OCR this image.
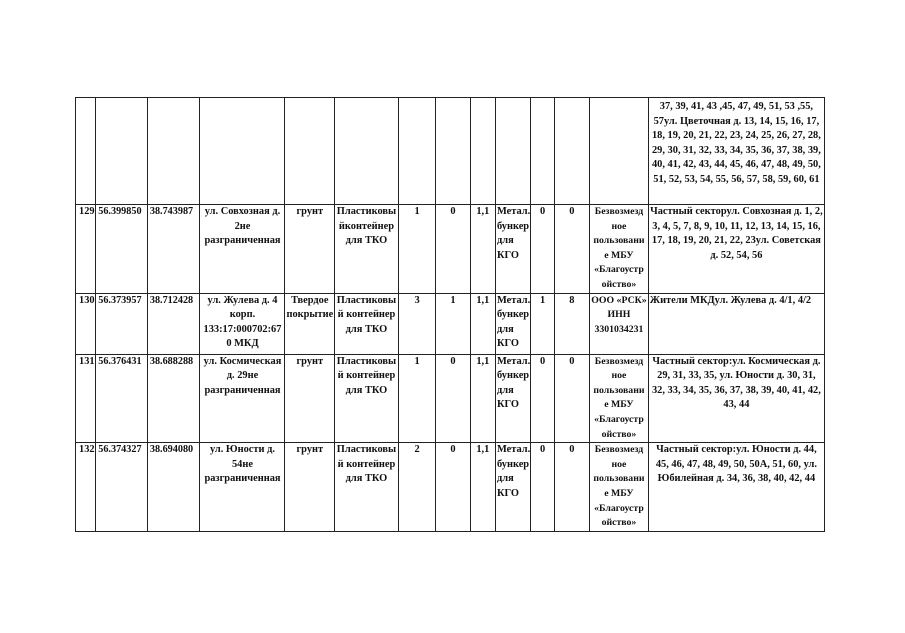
													37, 39, 41, 43 ,45, 47, 49, 51, 53 ,55, 57ул. Цветочная д. 13, 14, 15, 16, 17, 18, 19, 20, 21, 22, 23, 24, 25, 26, 27, 28, 29, 30, 31, 32, 33, 34, 35, 36, 37, 38, 39, 40, 41, 42, 43, 44, 45, 46, 47, 48, 49, 50, 51, 52, 53, 54, 55, 56, 57, 58, 59, 60, 61
129	56.399850	38.743987	ул. Совхозная д. 2не разграниченная	грунт	Пластиковы йконтейнер для ТКО	1	0	1,1	Метал. бункер для КГО	0	0	Безвозмезд ное пользовани е МБУ «Благоустр ойство»	Частный секторул. Совхозная д. 1, 2, 3, 4, 5, 7, 8, 9, 10, 11, 12, 13, 14, 15, 16, 17, 18, 19, 20, 21, 22, 23ул. Советская д. 52, 54, 56
130	56.373957	38.712428	ул. Жулева д. 4 корп. 133:17:000702:67 0 МКД	Твердое покрытие	Пластиковы й контейнер для ТКО	3	1	1,1	Метал. бункер для КГО	1	8	ООО «РСК» ИНН 3301034231	Жители МКДул. Жулева д. 4/1, 4/2
131	56.376431	38.688288	ул. Космическая д. 29не разграниченная	грунт	Пластиковы й контейнер для ТКО	1	0	1,1	Метал. бункер для КГО	0	0	Безвозмезд ное пользовани е МБУ «Благоустр ойство»	Частный сектор:ул. Космическая д. 29, 31, 33, 35, ул. Юности д. 30, 31, 32, 33, 34, 35, 36, 37, 38, 39, 40, 41, 42, 43, 44
132	56.374327	38.694080	ул. Юности д. 54не разграниченная	грунт	Пластиковы й контейнер для ТКО	2	0	1,1	Метал. бункер для КГО	0	0	Безвозмезд ное пользовани е МБУ «Благоустр ойство»	Частный сектор:ул. Юности д. 44, 45, 46, 47, 48, 49, 50, 50А, 51, 60, ул. Юбилейная д. 34, 36, 38, 40, 42, 44
